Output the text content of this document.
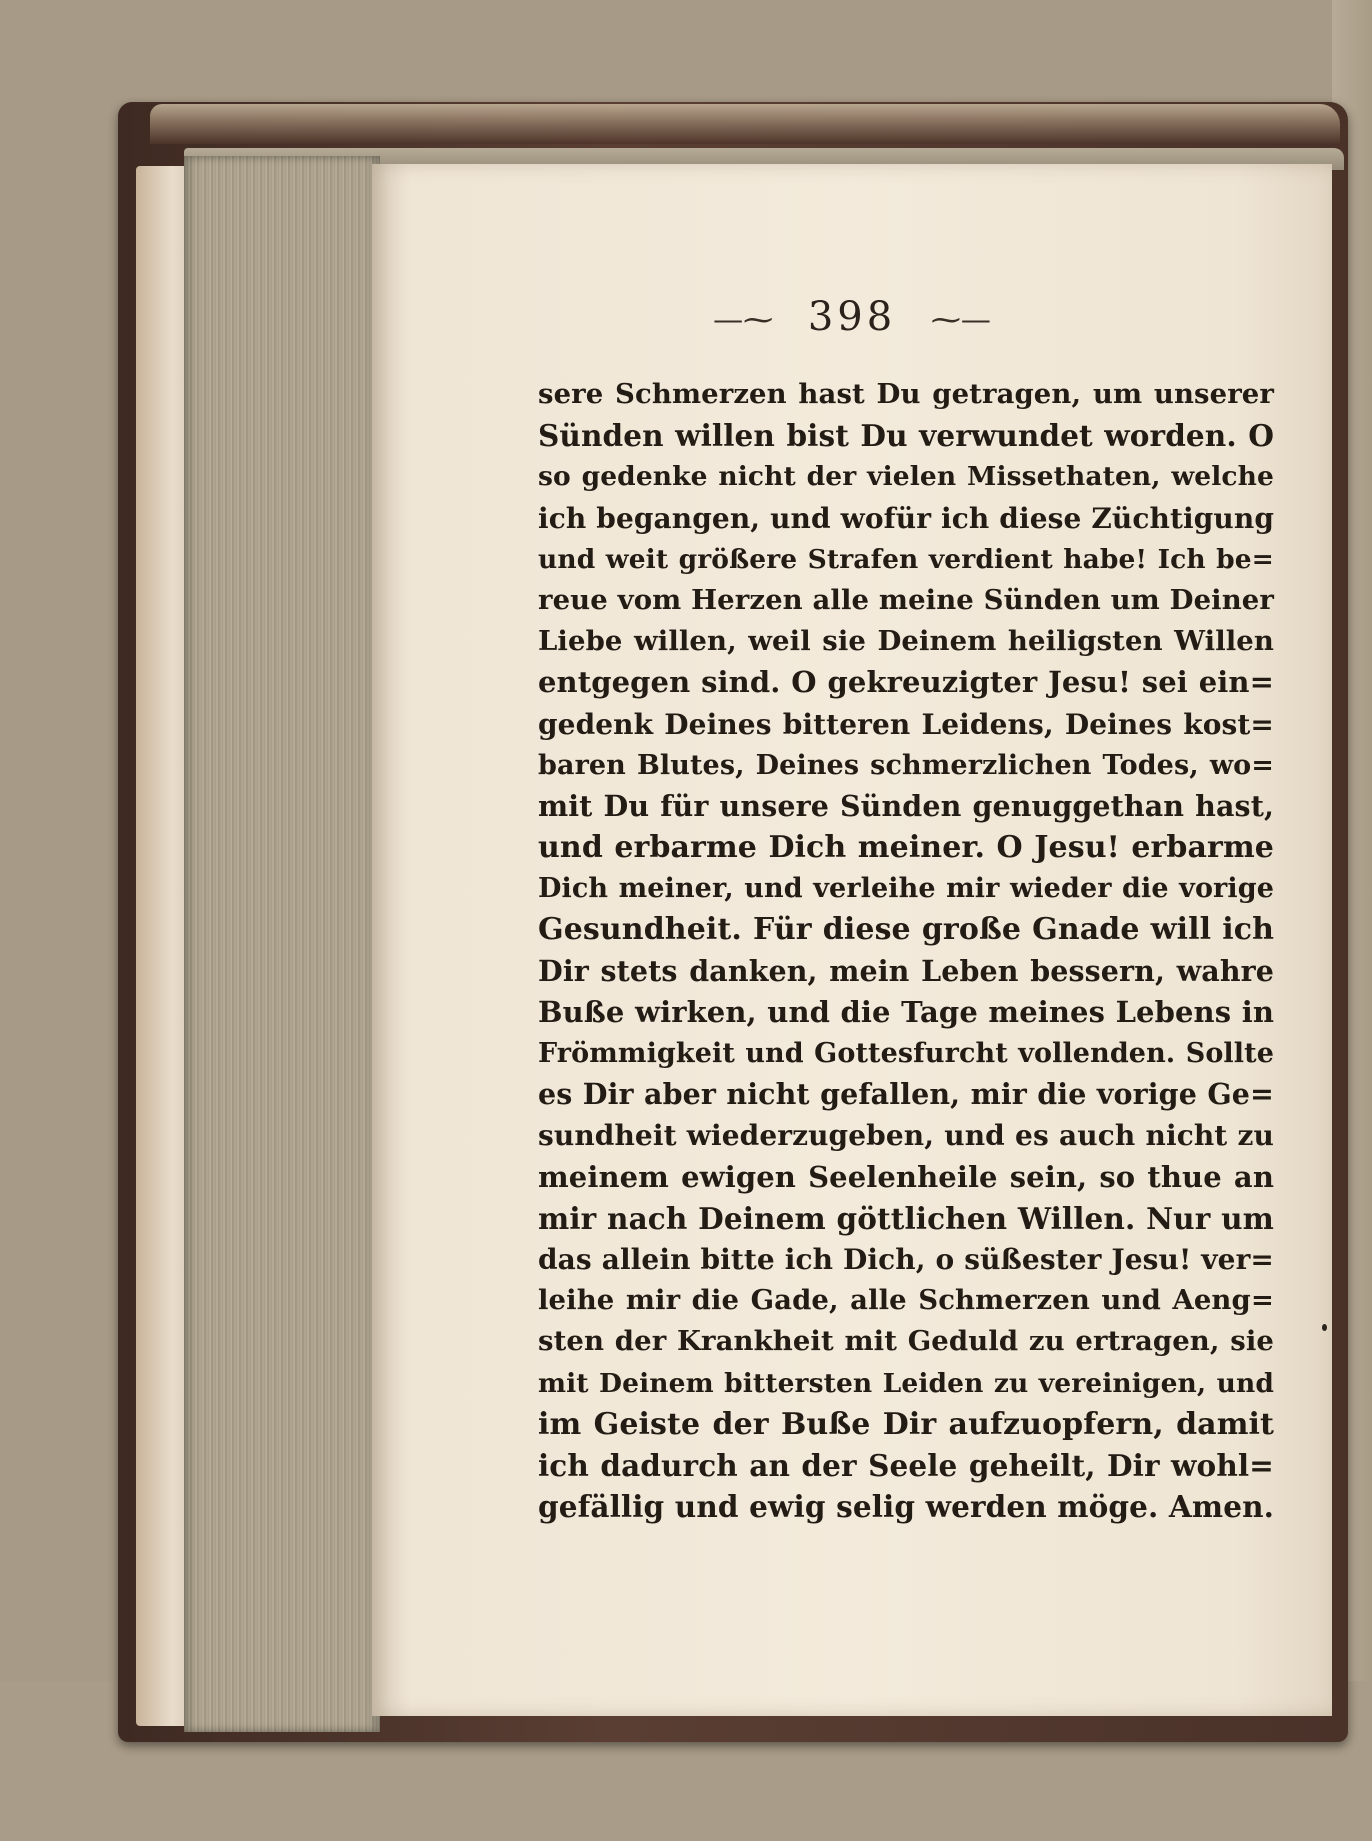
—⁓ 398 ⁓—
sere Schmerzen hast Du getragen, um unserer
Sünden willen bist Du verwundet worden. O
so gedenke nicht der vielen Missethaten, welche
ich begangen, und wofür ich diese Züchtigung
und weit größere Strafen verdient habe! Ich be=
reue vom Herzen alle meine Sünden um Deiner
Liebe willen, weil sie Deinem heiligsten Willen
entgegen sind. O gekreuzigter Jesu! sei ein=
gedenk Deines bitteren Leidens, Deines kost=
baren Blutes, Deines schmerzlichen Todes, wo=
mit Du für unsere Sünden genuggethan hast,
und erbarme Dich meiner. O Jesu! erbarme
Dich meiner, und verleihe mir wieder die vorige
Gesundheit. Für diese große Gnade will ich
Dir stets danken, mein Leben bessern, wahre
Buße wirken, und die Tage meines Lebens in
Frömmigkeit und Gottesfurcht vollenden. Sollte
es Dir aber nicht gefallen, mir die vorige Ge=
sundheit wiederzugeben, und es auch nicht zu
meinem ewigen Seelenheile sein, so thue an
mir nach Deinem göttlichen Willen. Nur um
das allein bitte ich Dich, o süßester Jesu! ver=
leihe mir die Gade, alle Schmerzen und Aeng=
sten der Krankheit mit Geduld zu ertragen, sie
mit Deinem bittersten Leiden zu vereinigen, und
im Geiste der Buße Dir aufzuopfern, damit
ich dadurch an der Seele geheilt, Dir wohl=
gefällig und ewig selig werden möge. Amen.
